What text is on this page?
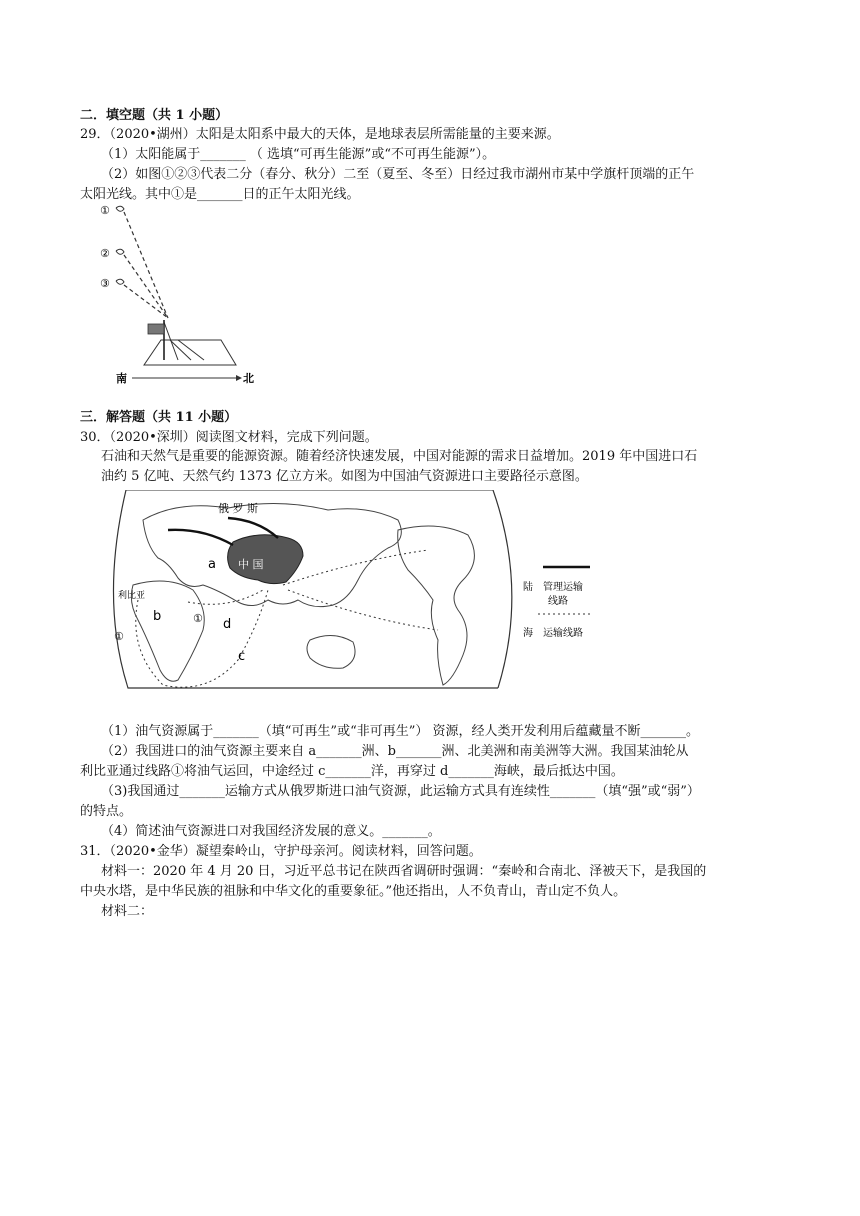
二．填空题（共 1 小题）
29．（2020•湖州）太阳是太阳系中最大的天体，是地球表层所需能量的主要来源。
（1）太阳能属于_______ （ 选填“可再生能源”或“不可再生能源”）。
（2）如图①②③代表二分（春分、秋分）二至（夏至、冬至）日经过我市湖州市某中学旗杆顶端的正午
太阳光线。其中①是_______日的正午太阳光线。
①
②
③
南	北
三．解答题（共 11 小题）
30．（2020•深圳）阅读图文材料，完成下列问题。
石油和天然气是重要的能源资源。随着经济快速发展，中国对能源的需求日益增加。2019 年中国进口石
油约 5 亿吨、天然气约 1373 亿立方米。如图为中国油气资源进口主要路径示意图。
俄 罗 斯
中 国
a
b
c
d
①
①
利比亚
陆 管理运输
线路
海 运输线路
（1）油气资源属于_______（填“可再生”或“非可再生”） 资源，经人类开发利用后蕴藏量不断_______。
（2）我国进口的油气资源主要来自 a_______洲、b_______洲、北美洲和南美洲等大洲。我国某油轮从
利比亚通过线路①将油气运回，中途经过 c_______洋，再穿过 d_______海峡，最后抵达中国。
（3)我国通过_______运输方式从俄罗斯进口油气资源，此运输方式具有连续性_______（填“强”或“弱”）
的特点。
（4）简述油气资源进口对我国经济发展的意义。_______。
31．（2020•金华）凝望秦岭山，守护母亲河。阅读材料，回答问题。
材料一：2020 年 4 月 20 日，习近平总书记在陕西省调研时强调：“秦岭和合南北、泽被天下，是我国的
中央水塔，是中华民族的祖脉和中华文化的重要象征。”他还指出，人不负青山，青山定不负人。
材料二：
